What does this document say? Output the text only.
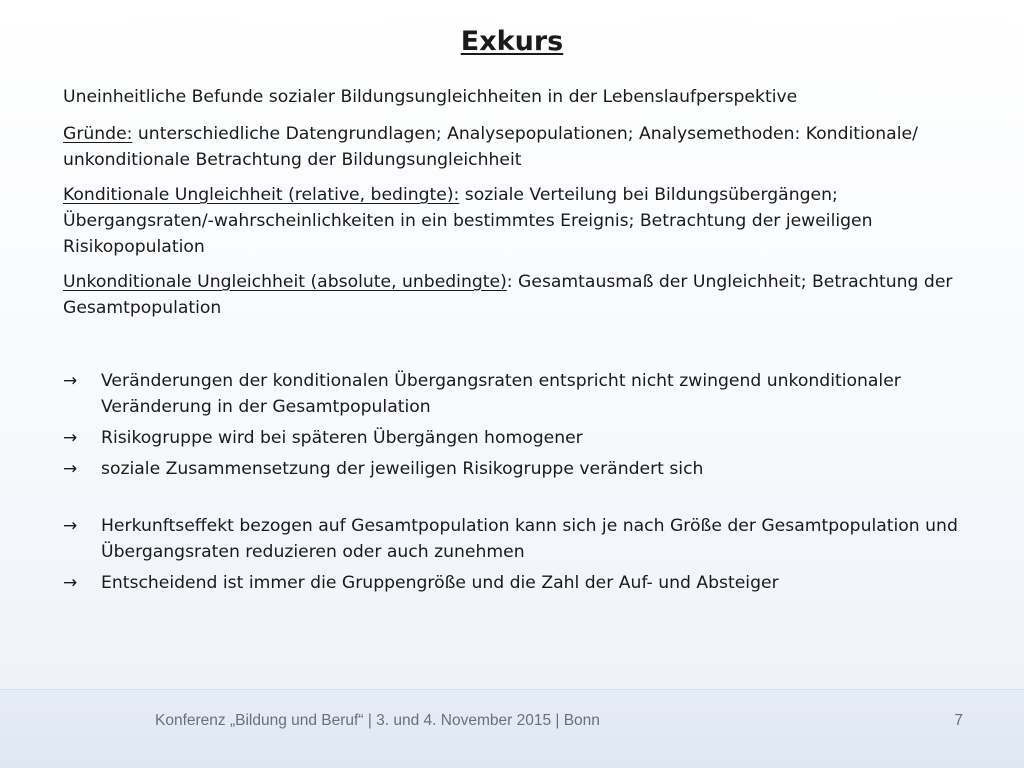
Exkurs

Uneinheitliche Befunde sozialer Bildungsungleichheiten in der Lebenslaufperspektive

Gründe: unterschiedliche Datengrundlagen; Analysepopulationen; Analysemethoden: Konditionale/ unkonditionale Betrachtung der Bildungsungleichheit

Konditionale Ungleichheit (relative, bedingte): soziale Verteilung bei Bildungsübergängen; Übergangsraten/-wahrscheinlichkeiten in ein bestimmtes Ereignis; Betrachtung der jeweiligen Risikopopulation

Unkonditionale Ungleichheit (absolute, unbedingte): Gesamtausmaß der Ungleichheit; Betrachtung der Gesamtpopulation

→	Veränderungen der konditionalen Übergangsraten entspricht nicht zwingend unkonditionaler Veränderung in der Gesamtpopulation
→	Risikogruppe wird bei späteren Übergängen homogener
→	soziale Zusammensetzung der jeweiligen Risikogruppe verändert sich
→	Herkunftseffekt bezogen auf Gesamtpopulation kann sich je nach Größe der Gesamtpopulation und Übergangsraten reduzieren oder auch zunehmen
→	Entscheidend ist immer die Gruppengröße und die Zahl der Auf- und Absteiger
Konferenz „Bildung und Beruf“ | 3. und 4. November 2015 | Bonn	7
